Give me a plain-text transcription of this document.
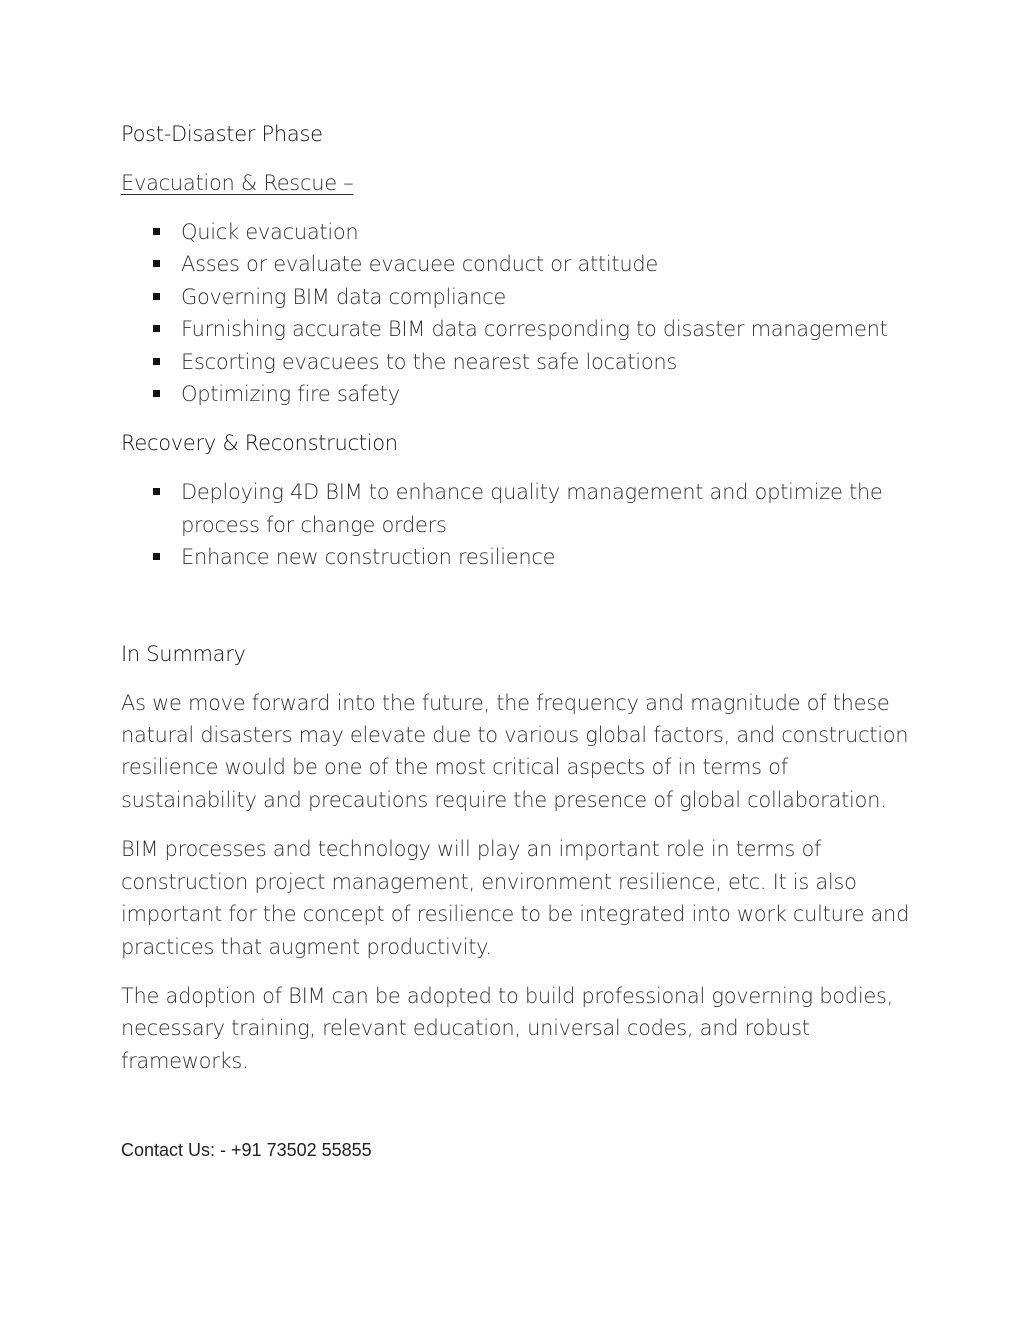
Post-Disaster Phase

Evacuation & Rescue –

Quick evacuation
Asses or evaluate evacuee conduct or attitude
Governing BIM data compliance
Furnishing accurate BIM data corresponding to disaster management
Escorting evacuees to the nearest safe locations
Optimizing fire safety
Recovery & Reconstruction
Deploying 4D BIM to enhance quality management and optimize the process for change orders
Enhance new construction resilience
In Summary

As we move forward into the future, the frequency and magnitude of these natural disasters may elevate due to various global factors, and construction resilience would be one of the most critical aspects of in terms of sustainability and precautions require the presence of global collaboration.

BIM processes and technology will play an important role in terms of construction project management, environment resilience, etc. It is also important for the concept of resilience to be integrated into work culture and practices that augment productivity.

The adoption of BIM can be adopted to build professional governing bodies, necessary training, relevant education, universal codes, and robust frameworks.

Contact Us: - +91 73502 55855
